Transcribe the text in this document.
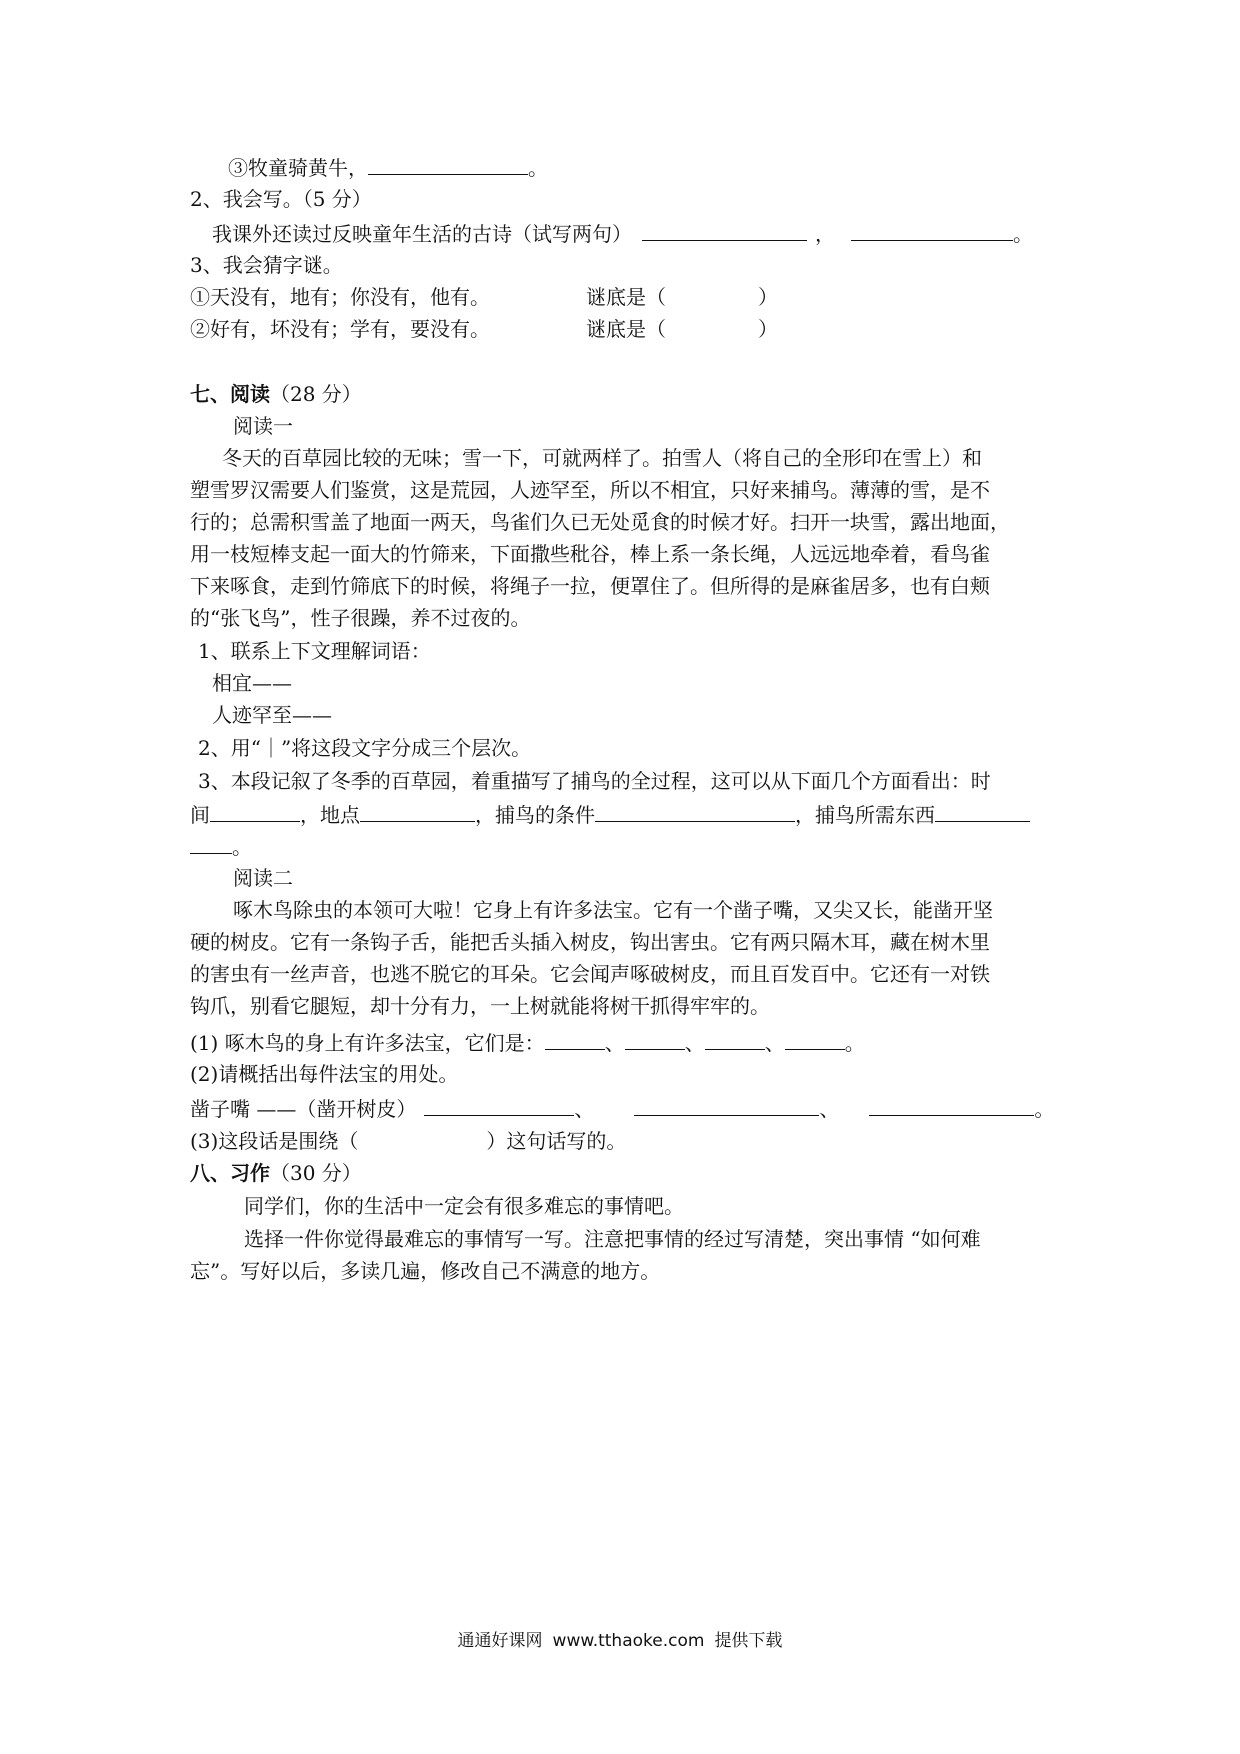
③牧童骑黄牛，	。
2、我会写。（5 分）
我课外还读过反映童年生活的古诗（试写两句）	，	。
3、我会猜字谜。
①天没有，地有；你没有，他有。	谜底是（	）
②好有，坏没有；学有，要没有。	谜底是（	）
七、阅读（28 分）
阅读一
冬天的百草园比较的无味；雪一下，可就两样了。拍雪人（将自己的全形印在雪上）和
塑雪罗汉需要人们鉴赏，这是荒园，人迹罕至，所以不相宜，只好来捕鸟。薄薄的雪，是不
行的；总需积雪盖了地面一两天，鸟雀们久已无处觅食的时候才好。扫开一块雪，露出地面，
用一枝短棒支起一面大的竹筛来，下面撒些秕谷，棒上系一条长绳，人远远地牵着，看鸟雀
下来啄食，走到竹筛底下的时候，将绳子一拉，便罩住了。但所得的是麻雀居多，也有白颊
的“张飞鸟”，性子很躁，养不过夜的。
1、联系上下文理解词语：
相宜——
人迹罕至——
2、用“｜”将这段文字分成三个层次。
3、本段记叙了冬季的百草园，着重描写了捕鸟的全过程，这可以从下面几个方面看出：时
间	，地点	，捕鸟的条件	，捕鸟所需东西
。
阅读二
啄木鸟除虫的本领可大啦！它身上有许多法宝。它有一个凿子嘴，又尖又长，能凿开坚
硬的树皮。它有一条钩子舌，能把舌头插入树皮，钩出害虫。它有两只隔木耳，藏在树木里
的害虫有一丝声音，也逃不脱它的耳朵。它会闻声啄破树皮，而且百发百中。它还有一对铁
钩爪，别看它腿短，却十分有力，一上树就能将树干抓得牢牢的。
(1) 啄木鸟的身上有许多法宝，它们是：	、	、	、	。
(2)请概括出每件法宝的用处。
凿子嘴 ——（凿开树皮）	、	、	。
(3)这段话是围绕（	）这句话写的。
八、习作（30 分）
同学们，你的生活中一定会有很多难忘的事情吧。
选择一件你觉得最难忘的事情写一写。注意把事情的经过写清楚，突出事情 “如何难
忘”。写好以后，多读几遍，修改自己不满意的地方。
通通好课网 www.tthaoke.com 提供下载
